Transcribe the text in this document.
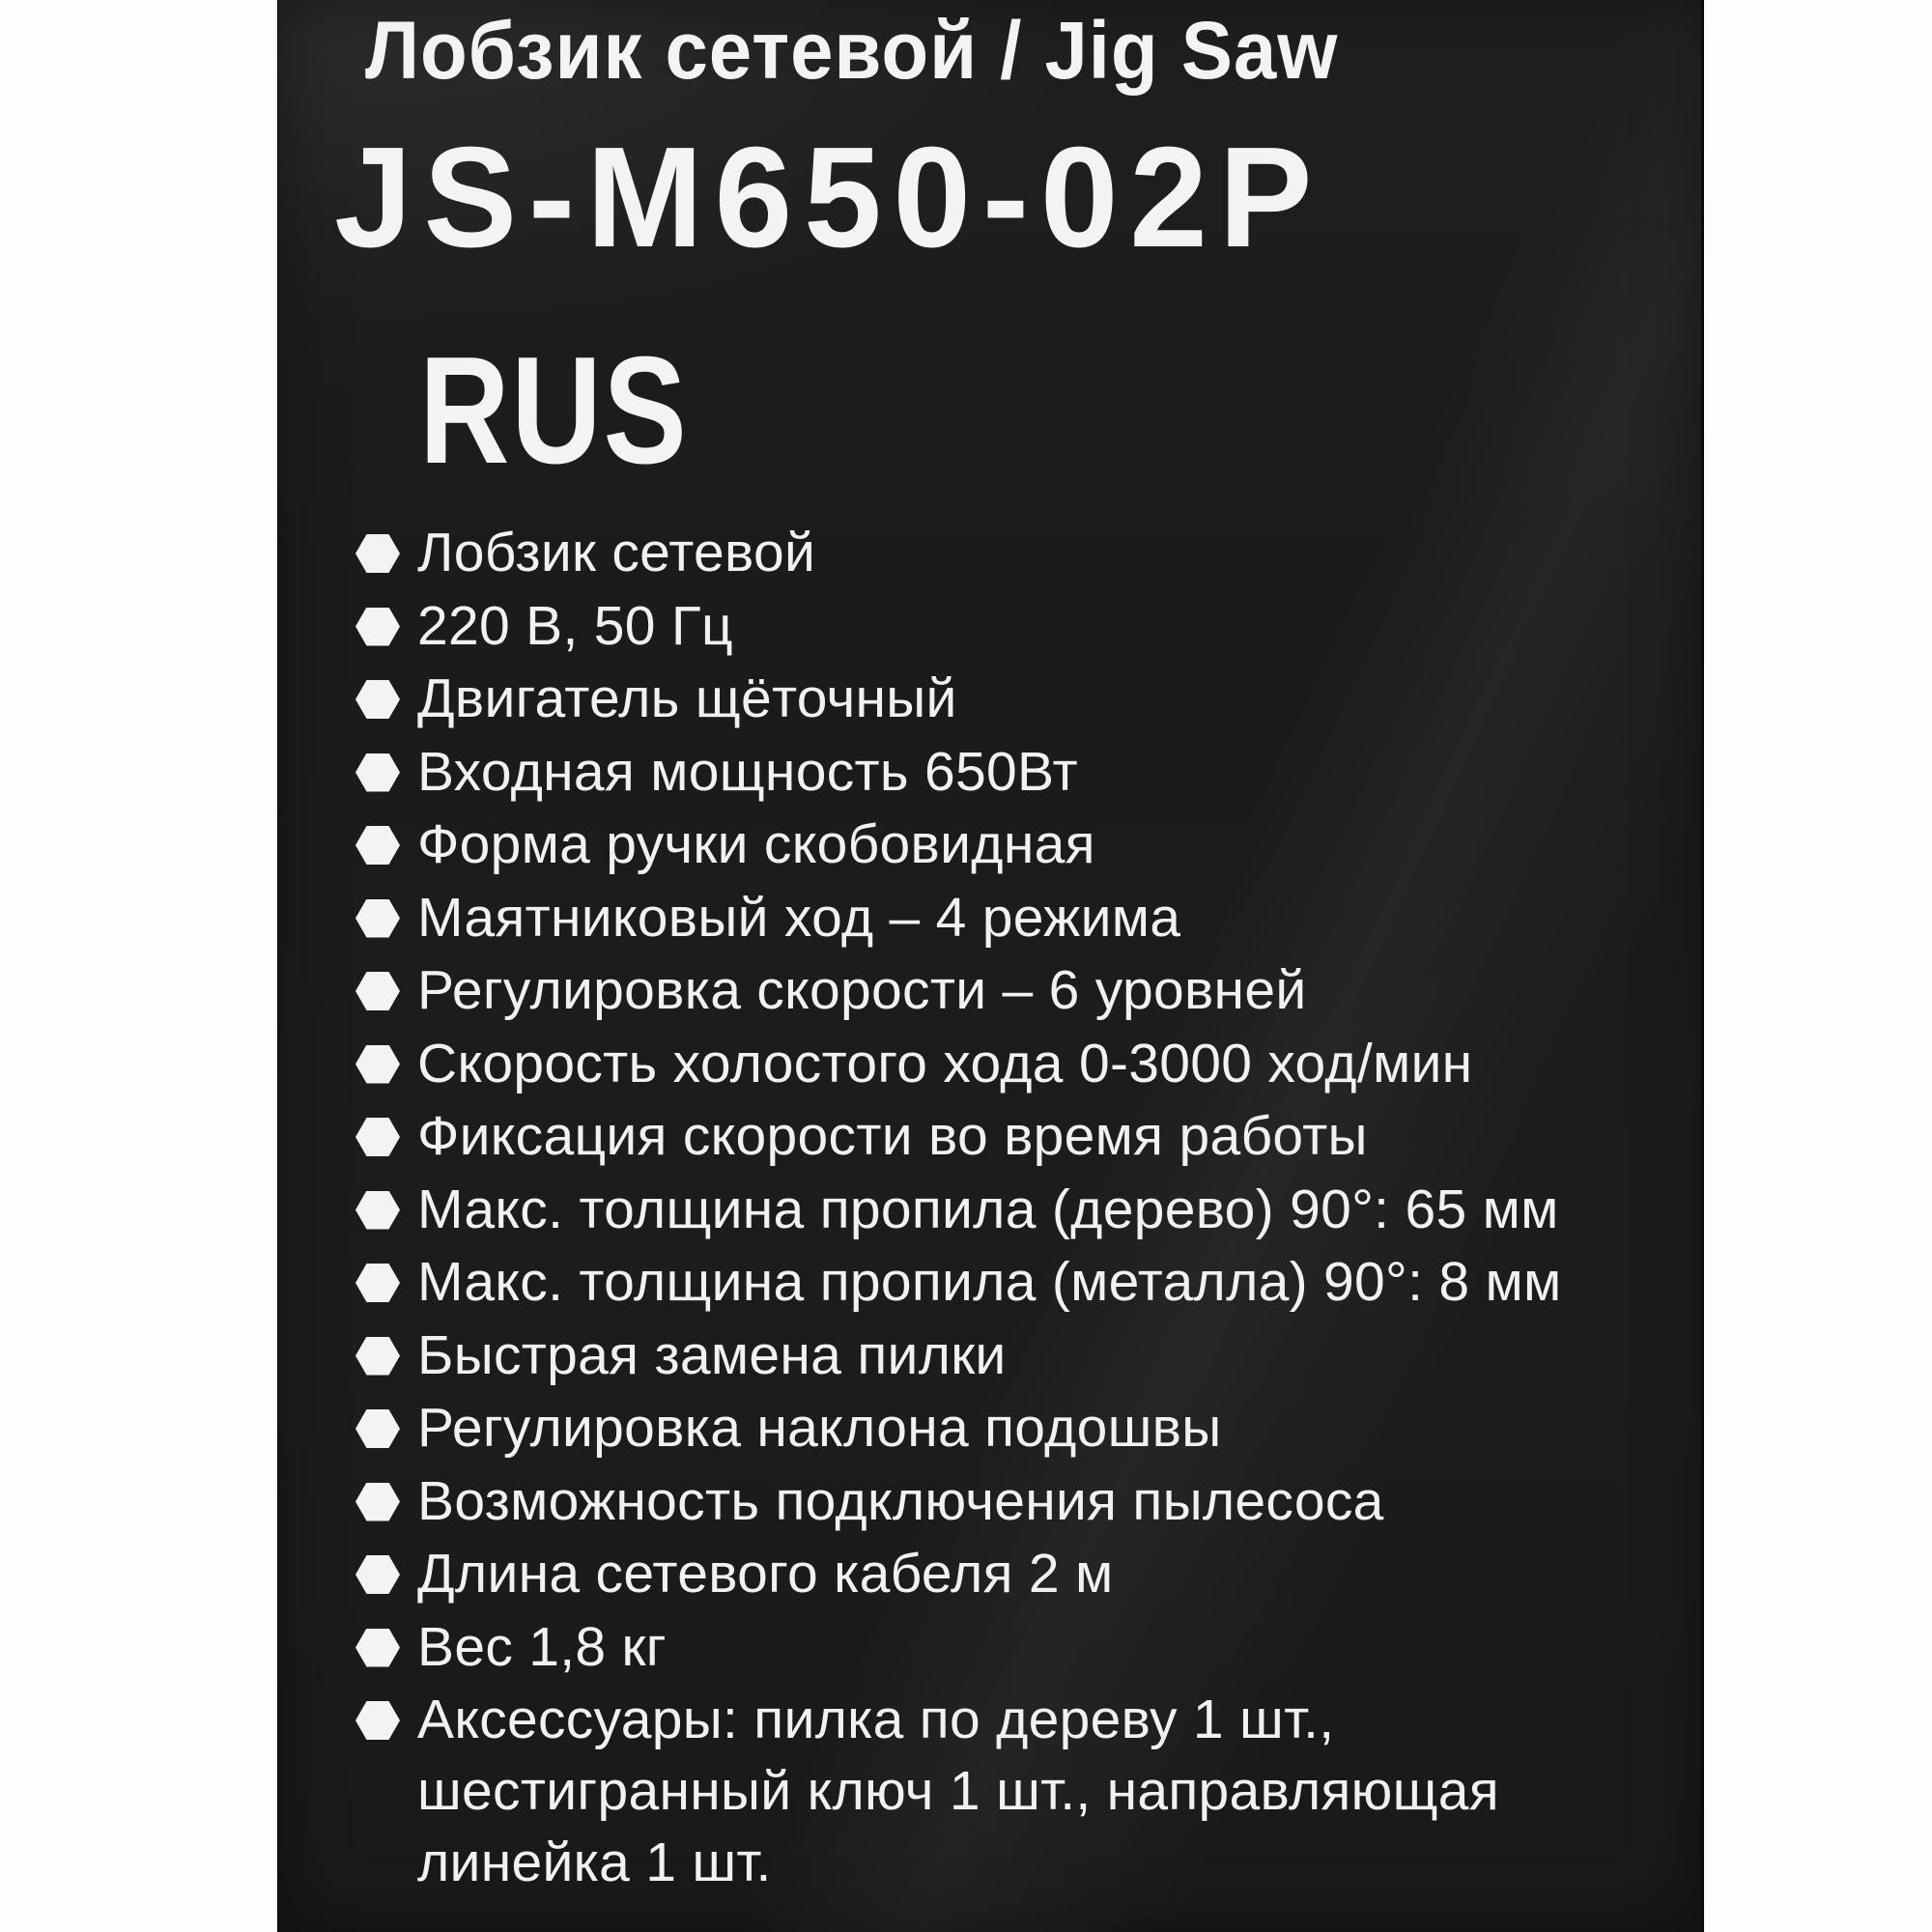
Лобзик сетевой / Jig Saw
JS-M650-02P
RUS
Лобзик сетевой
220 В, 50 Гц
Двигатель щёточный
Входная мощность 650Вт
Форма ручки скобовидная
Маятниковый ход – 4 режима
Регулировка скорости – 6 уровней
Скорость холостого хода 0-3000 ход/мин
Фиксация скорости во время работы
Макс. толщина пропила (дерево) 90°: 65 мм
Макс. толщина пропила (металла) 90°: 8 мм
Быстрая замена пилки
Регулировка наклона подошвы
Возможность подключения пылесоса
Длина сетевого кабеля 2 м
Вес 1,8 кг
Аксессуары: пилка по дереву 1 шт., шестигранный ключ 1 шт., направляющая линейка 1 шт.
